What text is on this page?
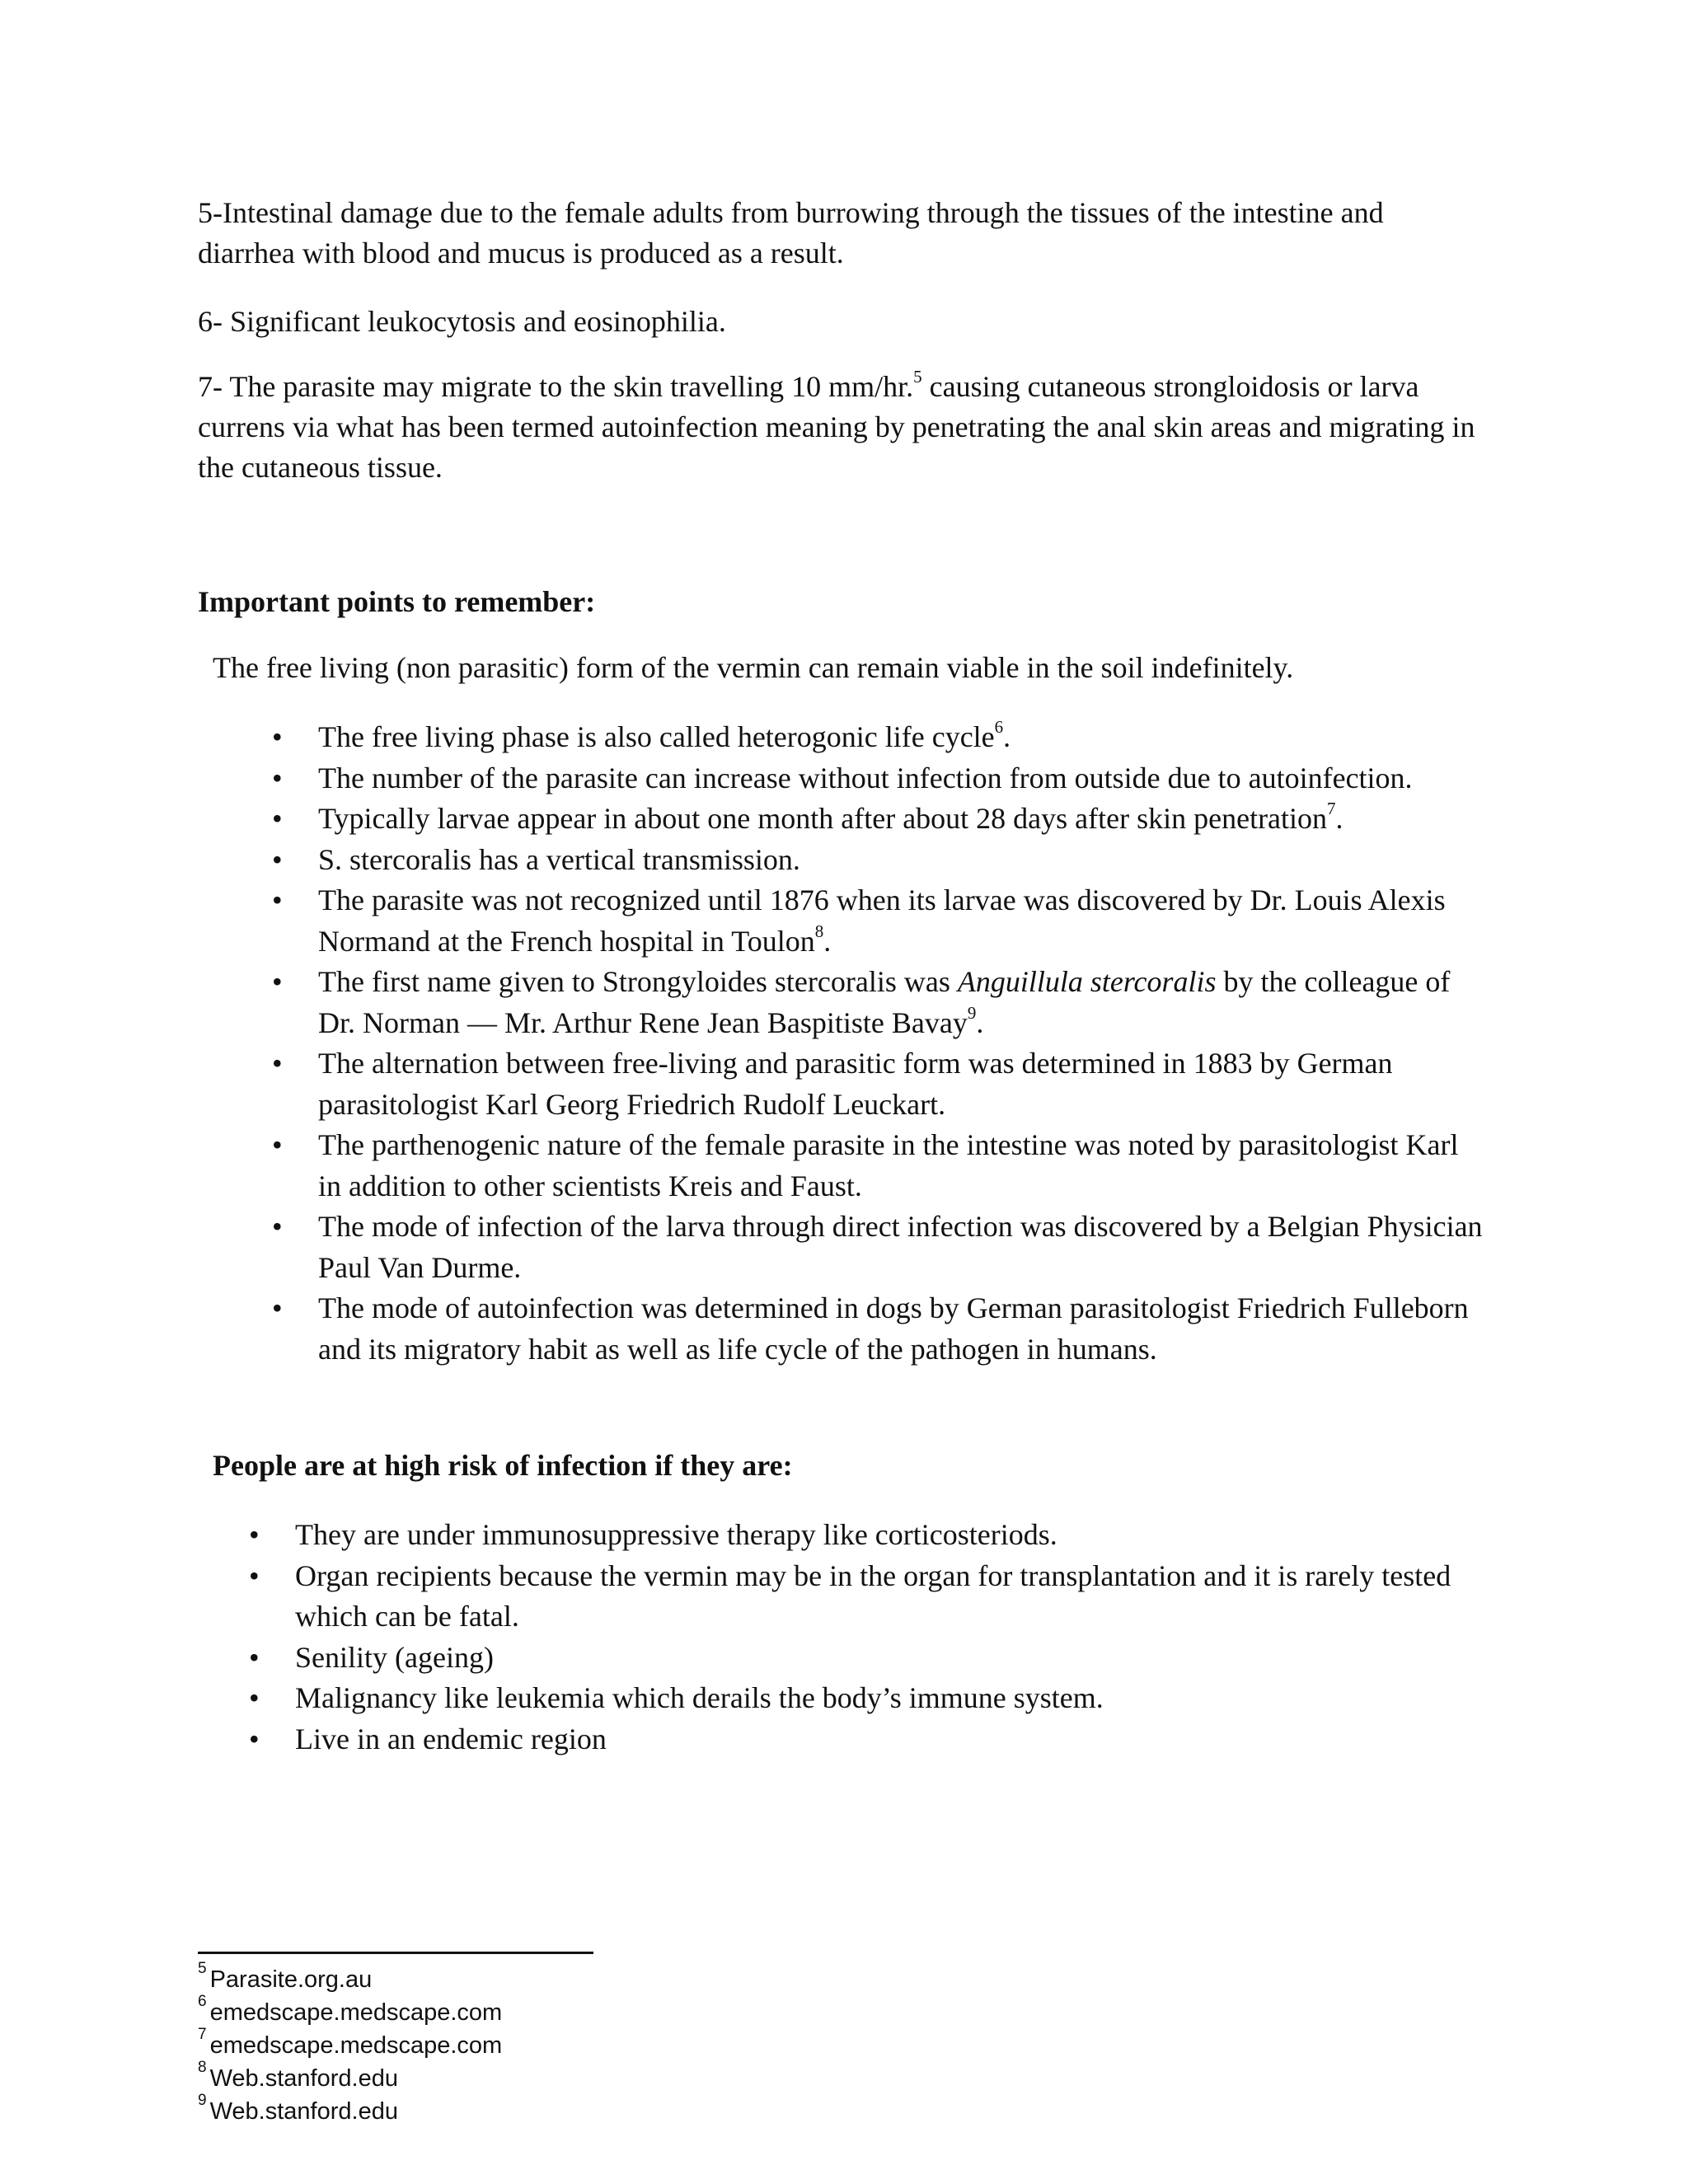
5-Intestinal damage due to the female adults from burrowing through the tissues of the intestine and diarrhea with blood and mucus is produced as a result.

6- Significant leukocytosis and eosinophilia.

7- The parasite may migrate to the skin travelling 10 mm/hr.$^5$ causing cutaneous strongloidosis or larva currens via what has been termed autoinfection meaning by penetrating the anal skin areas and migrating in the cutaneous tissue.

Important points to remember:

The free living (non parasitic) form of the vermin can remain viable in the soil indefinitely.

• The free living phase is also called heterogonic life cycle$^6$.
• The number of the parasite can increase without infection from outside due to autoinfection.
• Typically larvae appear in about one month after about 28 days after skin penetration$^7$.
• S. stercoralis has a vertical transmission.
• The parasite was not recognized until 1876 when its larvae was discovered by Dr. Louis Alexis Normand at the French hospital in Toulon$^8$.
• The first name given to Strongyloides stercoralis was Anguillula stercoralis by the colleague of Dr. Norman — Mr. Arthur Rene Jean Baspitiste Bavay$^9$.
• The alternation between free-living and parasitic form was determined in 1883 by German parasitologist Karl Georg Friedrich Rudolf Leuckart.
• The parthenogenic nature of the female parasite in the intestine was noted by parasitologist Karl in addition to other scientists Kreis and Faust.
• The mode of infection of the larva through direct infection was discovered by a Belgian Physician Paul Van Durme.
• The mode of autoinfection was determined in dogs by German parasitologist Friedrich Fulleborn and its migratory habit as well as life cycle of the pathogen in humans.
People are at high risk of infection if they are:
• They are under immunosuppressive therapy like corticosteriods.
• Organ recipients because the vermin may be in the organ for transplantation and it is rarely tested which can be fatal.
• Senility (ageing)
• Malignancy like leukemia which derails the body’s immune system.
• Live in an endemic region
$^5$ Parasite.org.au
$^6$ emedscape.medscape.com
$^7$ emedscape.medscape.com
$^8$ Web.stanford.edu
$^9$ Web.stanford.edu
